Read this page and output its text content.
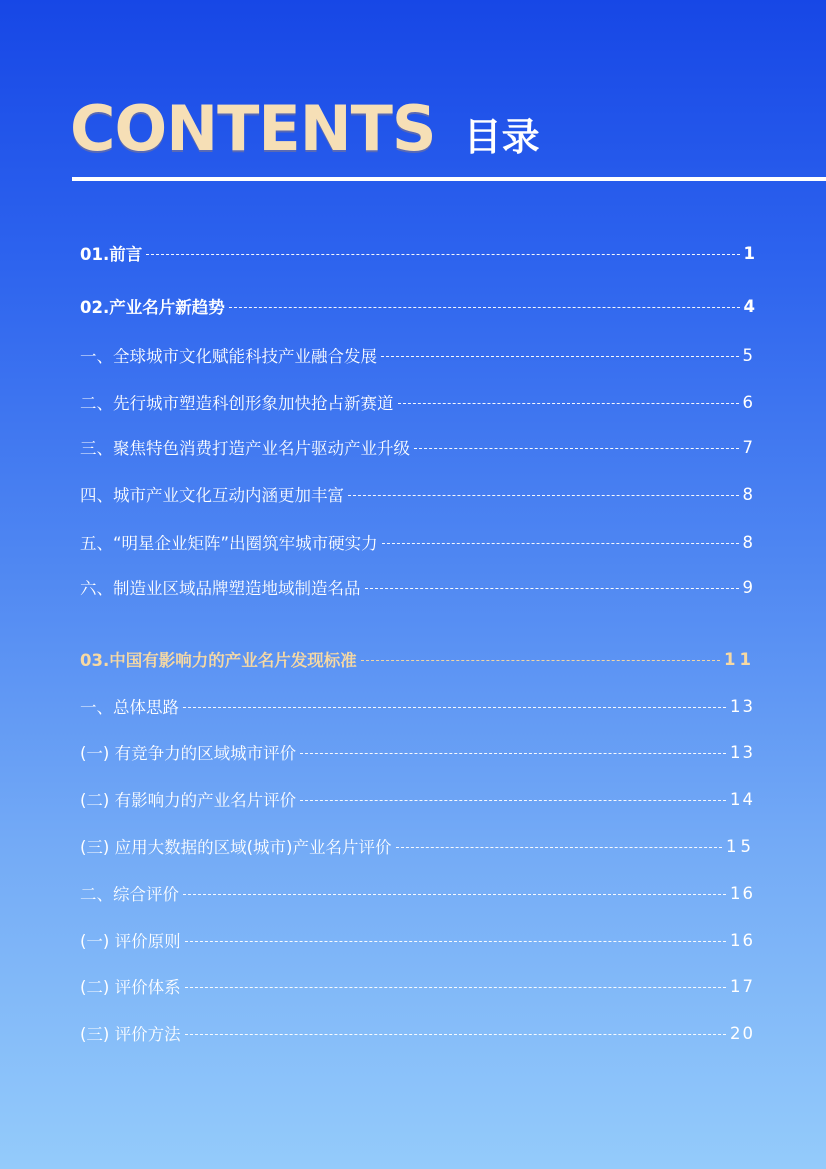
CONTENTS 目录
01.前言	1
02.产业名片新趋势	4
一、全球城市文化赋能科技产业融合发展	5
二、先行城市塑造科创形象加快抢占新赛道	6
三、聚焦特色消费打造产业名片驱动产业升级	7
四、城市产业文化互动内涵更加丰富	8
五、“明星企业矩阵”出圈筑牢城市硬实力	8
六、制造业区域品牌塑造地域制造名品	9
03.中国有影响力的产业名片发现标准	11
一、总体思路	13
(一) 有竞争力的区域城市评价	13
(二) 有影响力的产业名片评价	14
(三) 应用大数据的区域(城市)产业名片评价	15
二、综合评价	16
(一) 评价原则	16
(二) 评价体系	17
(三) 评价方法	20
